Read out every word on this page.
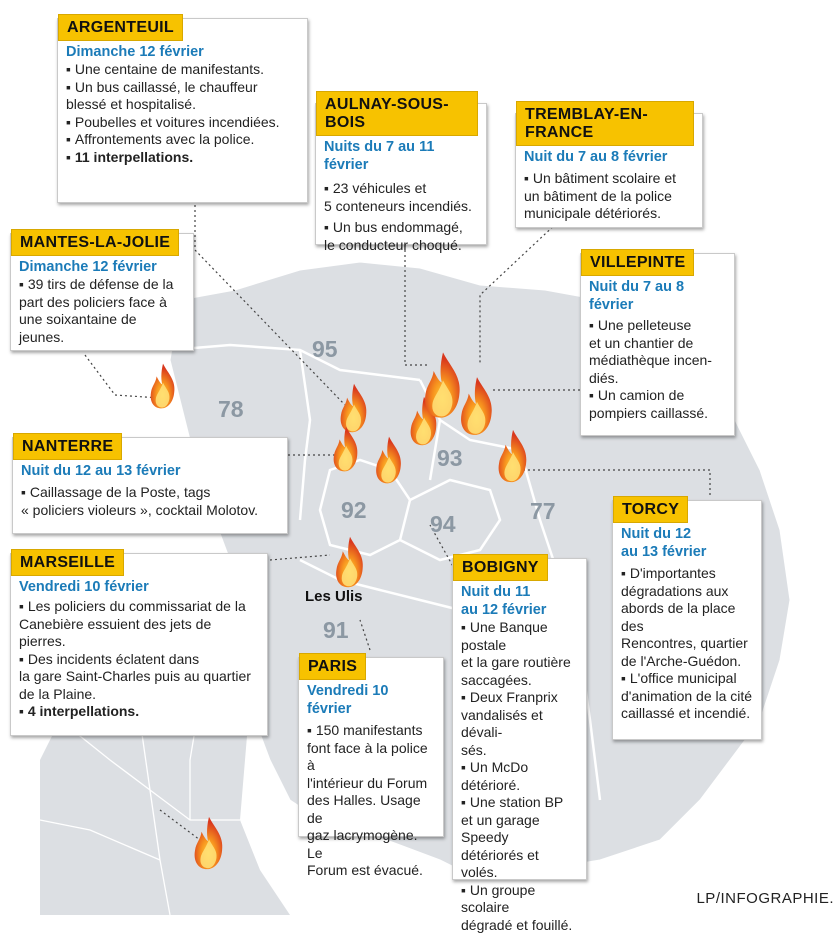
95
78
93
92
94	77
91
Les Ulis
ARGENTEUIL
Dimanche 12 février
▪ Une centaine de manifestants.
▪ Un bus caillassé, le chauffeur
blessé et hospitalisé.
▪ Poubelles et voitures incendiées.
▪ Affrontements avec la police.
▪ 11 interpellations.
AULNAY-SOUS-BOIS
Nuits du 7 au 11 février
▪ 23 véhicules et
5 conteneurs incendiés.
▪ Un bus endommagé,
le conducteur choqué.
TREMBLAY-EN-FRANCE
Nuit du 7 au 8 février
▪ Un bâtiment scolaire et
un bâtiment de la police
municipale détériorés.
MANTES-LA-JOLIE
Dimanche 12 février
▪ 39 tirs de défense de la
part des policiers face à
une soixantaine de jeunes.
VILLEPINTE
Nuit du 7 au 8 février
▪ Une pelleteuse
et un chantier de
médiathèque incen-
diés.
▪ Un camion de
pompiers caillassé.
NANTERRE
Nuit du 12 au 13 février
▪ Caillassage de la Poste, tags
« policiers violeurs », cocktail Molotov.
MARSEILLE
Vendredi 10 février
▪ Les policiers du commissariat de la
Canebière essuient des jets de pierres.
▪ Des incidents éclatent dans
la gare Saint-Charles puis au quartier
de la Plaine.
▪ 4 interpellations.
TORCY
Nuit du 12
au 13 février
▪ D'importantes
dégradations aux
abords de la place des
Rencontres, quartier
de l'Arche-Guédon.
▪ L'office municipal
d'animation de la cité
caillassé et incendié.
BOBIGNY
Nuit du 11
au 12 février
▪ Une Banque postale
et la gare routière
saccagées.
▪ Deux Franprix
vandalisés et dévali-
sés.
▪ Un McDo détérioré.
▪ Une station BP
et un garage Speedy
détériorés et volés.
▪ Un groupe scolaire
dégradé et fouillé.
PARIS
Vendredi 10 février
▪ 150 manifestants
font face à la police à
l'intérieur du Forum
des Halles. Usage de
gaz lacrymogène. Le
Forum est évacué.
LP/INFOGRAPHIE.
